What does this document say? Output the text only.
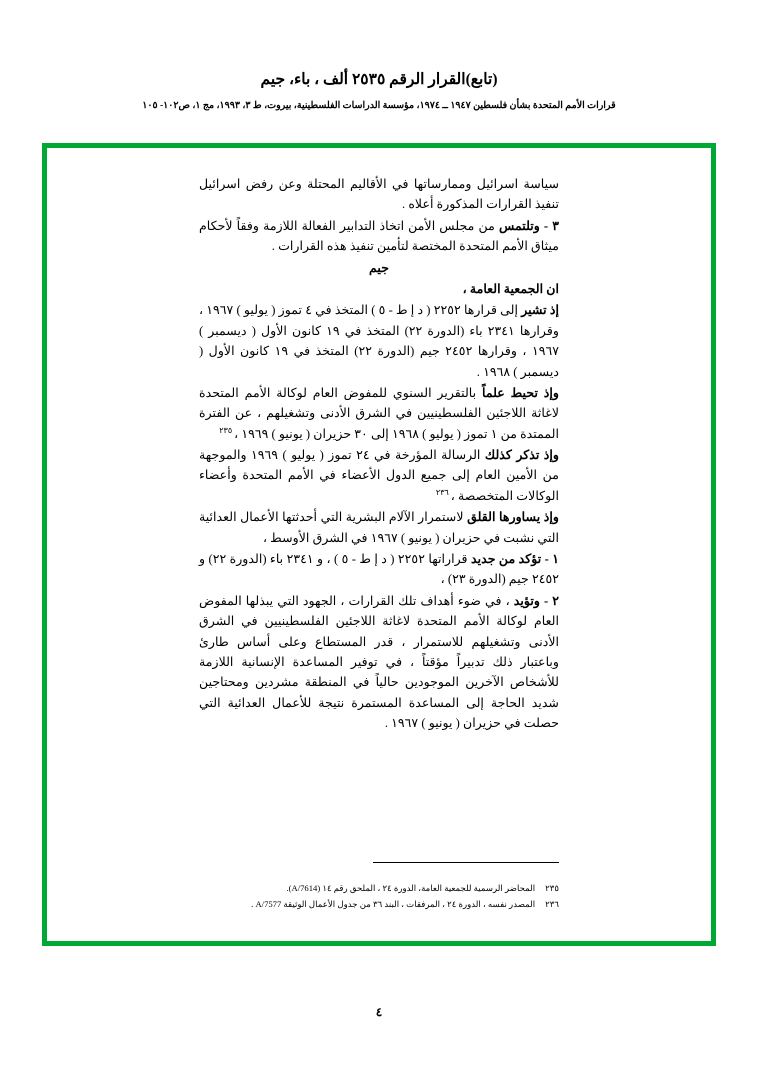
(تابع)القرار الرقم ٢٥٣٥ ألف ، باء، جيم
قرارات الأمم المتحدة بشأن فلسطين ١٩٤٧ ــ ١٩٧٤، مؤسسة الدراسات الفلسطينية، بيروت، ط ٣، ١٩٩٣، مج ١، ص١٠٢- ١٠٥

سياسة اسرائيل وممارساتها في الأقاليم المحتلة وعن رفض اسرائيل تنفيذ القرارات المذكورة أعلاه .

٣ - وتلتمس من مجلس الأمن اتخاذ التدابير الفعالة اللازمة وفقاً لأحكام ميثاق الأمم المتحدة المختصة لتأمين تنفيذ هذه القرارات .

جيم

ان الجمعية العامة ،

إذ تشير إلى قرارها ٢٢٥٢ ( د إ ط - ٥ ) المتخذ في ٤ تموز ( يوليو ) ١٩٦٧ ، وقرارها ٢٣٤١ باء (الدورة ٢٢) المتخذ في ١٩ كانون الأول ( ديسمبر ) ١٩٦٧ ، وقرارها ٢٤٥٢ جيم (الدورة ٢٢) المتخذ في ١٩ كانون الأول ( ديسمبر ) ١٩٦٨ .

وإذ تحيط علماً بالتقرير السنوي للمفوض العام لوكالة الأمم المتحدة لاغاثة اللاجئين الفلسطينيين في الشرق الأدنى وتشغيلهم ، عن الفترة الممتدة من ١ تموز ( يوليو ) ١٩٦٨ إلى ٣٠ حزيران ( يونيو ) ١٩٦٩ ، $^{٢٣٥}$

وإذ تذكر كذلك الرسالة المؤرخة في ٢٤ تموز ( يوليو ) ١٩٦٩ والموجهة من الأمين العام إلى جميع الدول الأعضاء في الأمم المتحدة وأعضاء الوكالات المتخصصة ، $^{٢٣٦}$

وإذ يساورها القلق لاستمرار الآلام البشرية التي أحدثتها الأعمال العدائية التي نشبت في حزيران ( يونيو ) ١٩٦٧ في الشرق الأوسط ،

١ - تؤكد من جديد قراراتها ٢٢٥٢ ( د إ ط - ٥ ) ، و ٢٣٤١ باء (الدورة ٢٢) و ٢٤٥٢ جيم (الدورة ٢٣) ،

٢ - وتؤيد ، في ضوء أهداف تلك القرارات ، الجهود التي يبذلها المفوض العام لوكالة الأمم المتحدة لاغاثة اللاجئين الفلسطينيين في الشرق الأدنى وتشغيلهم للاستمرار ، قدر المستطاع وعلى أساس طارئ وباعتبار ذلك تدبيراً مؤقتاً ، في توفير المساعدة الإنسانية اللازمة للأشخاص الآخرين الموجودين حالياً في المنطقة مشردين ومحتاجين شديد الحاجة إلى المساعدة المستمرة نتيجة للأعمال العدائية التي حصلت في حزيران ( يونيو ) ١٩٦٧ .

٢٣٥المحاضر الرسمية للجمعية العامة، الدورة ٢٤ ، الملحق رقم ١٤ (A/7614).
٢٣٦المصدر نفسه ، الدورة ٢٤ ، المرفقات ، البند ٣٦ من جدول الأعمال الوثيقة A/7577 .
٤
